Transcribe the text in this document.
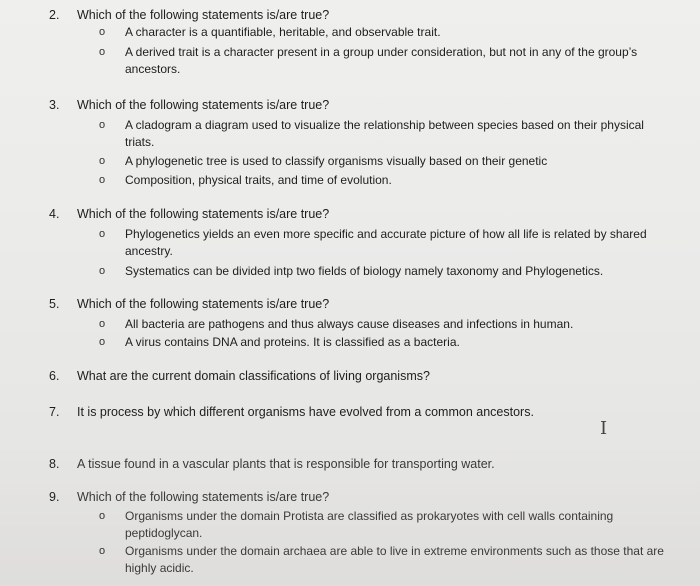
2. Which of the following statements is/are true?
o A character is a quantifiable, heritable, and observable trait.
o A derived trait is a character present in a group under consideration, but not in any of the group’s ancestors.
3. Which of the following statements is/are true?
o A cladogram a diagram used to visualize the relationship between species based on their physical triats.
o A phylogenetic tree is used to classify organisms visually based on their genetic
o Composition, physical traits, and time of evolution.
4. Which of the following statements is/are true?
o Phylogenetics yields an even more specific and accurate picture of how all life is related by shared ancestry.
o Systematics can be divided intp two fields of biology namely taxonomy and Phylogenetics.
5. Which of the following statements is/are true?
o All bacteria are pathogens and thus always cause diseases and infections in human.
o A virus contains DNA and proteins. It is classified as a bacteria.
6. What are the current domain classifications of living organisms?
7. It is process by which different organisms have evolved from a common ancestors.
8. A tissue found in a vascular plants that is responsible for transporting water.
9. Which of the following statements is/are true?
o Organisms under the domain Protista are classified as prokaryotes with cell walls containing peptidoglycan.
o Organisms under the domain archaea are able to live in extreme environments such as those that are highly acidic.
I
